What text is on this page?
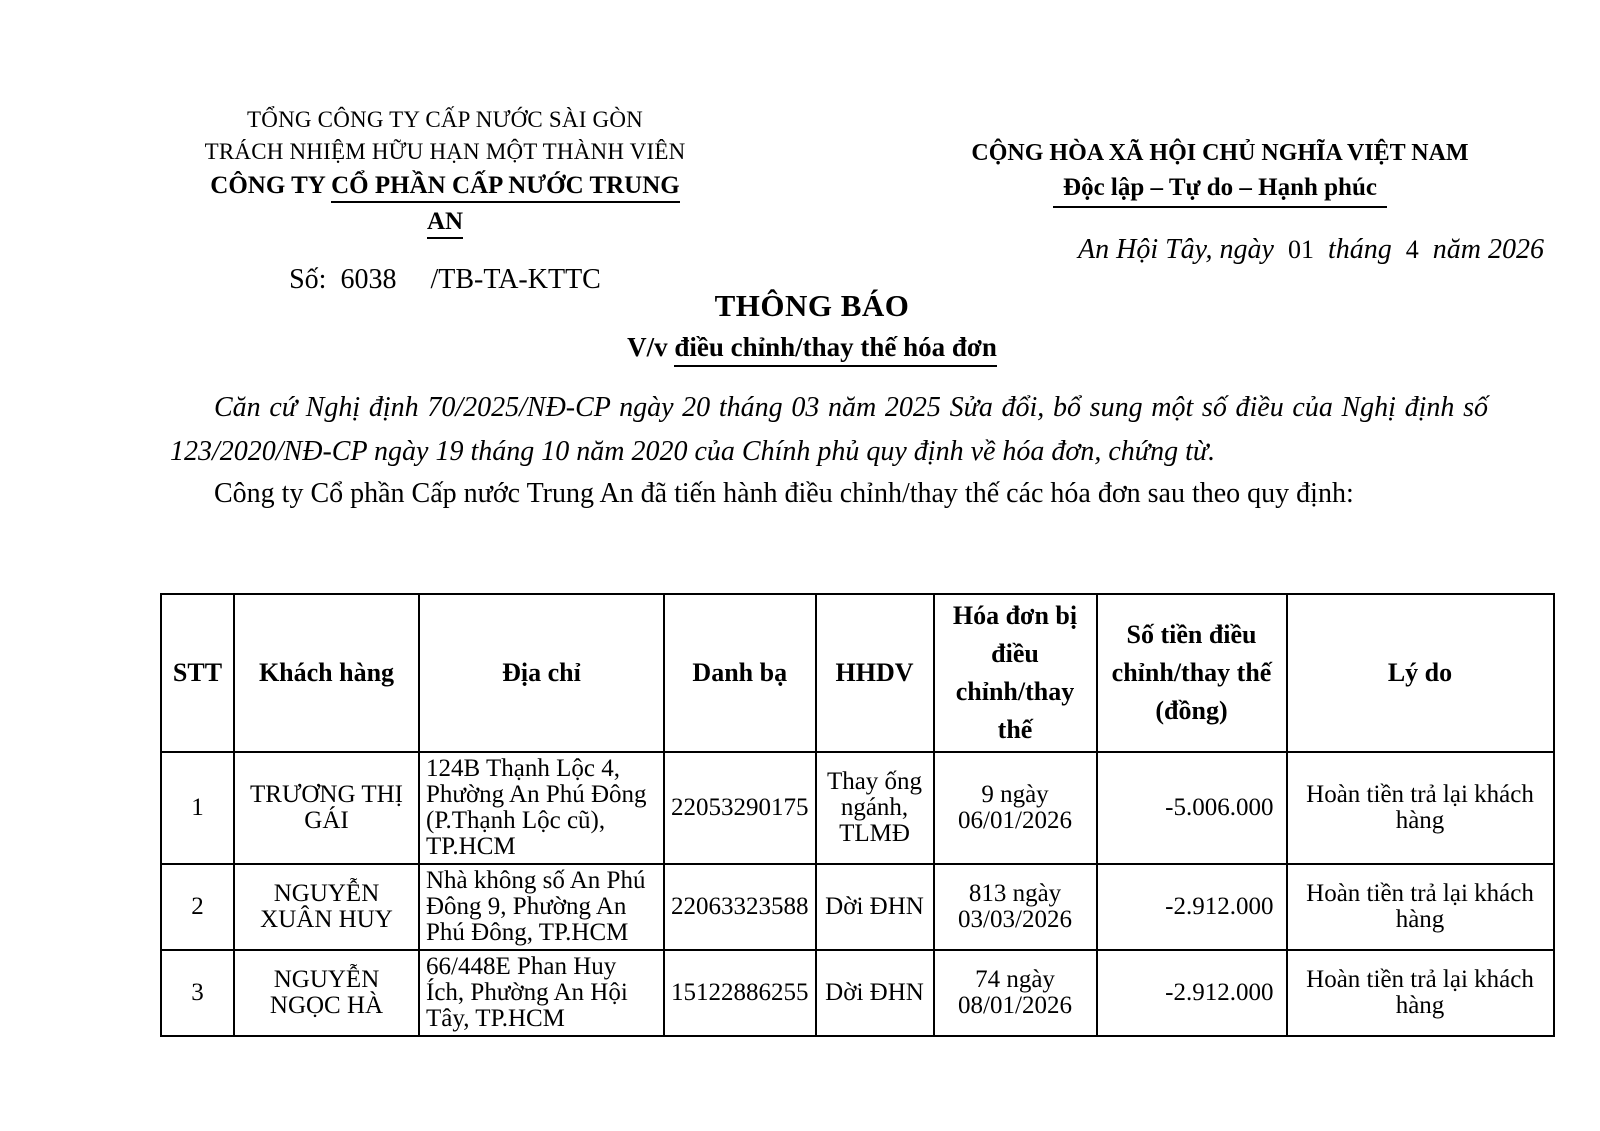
TỔNG CÔNG TY CẤP NƯỚC SÀI GÒN
TRÁCH NHIỆM HỮU HẠN MỘT THÀNH VIÊN
CÔNG TY CỔ PHẦN CẤP NƯỚC TRUNG AN
Số: 6038 /TB-TA-KTTC
CỘNG HÒA XÃ HỘI CHỦ NGHĨA VIỆT NAM
Độc lập – Tự do – Hạnh phúc
An Hội Tây, ngày 01 tháng 4 năm 2026
THÔNG BÁO
V/v điều chỉnh/thay thế hóa đơn

Căn cứ Nghị định 70/2025/NĐ-CP ngày 20 tháng 03 năm 2025 Sửa đổi, bổ sung một số điều của Nghị định số 123/2020/NĐ-CP ngày 19 tháng 10 năm 2020 của Chính phủ quy định về hóa đơn, chứng từ.

Công ty Cổ phần Cấp nước Trung An đã tiến hành điều chỉnh/thay thế các hóa đơn sau theo quy định:

STT	Khách hàng	Địa chỉ	Danh bạ	HHDV	Hóa đơn bị điều chỉnh/thay thế	Số tiền điều chỉnh/thay thế (đồng)	Lý do
1	TRƯƠNG THỊ GÁI	124B Thạnh Lộc 4, Phường An Phú Đông (P.Thạnh Lộc cũ), TP.HCM	22053290175	Thay ống ngánh, TLMĐ	9 ngày 06/01/2026	-5.006.000	Hoàn tiền trả lại khách hàng
2	NGUYỄN XUÂN HUY	Nhà không số An Phú Đông 9, Phường An Phú Đông, TP.HCM	22063323588	Dời ĐHN	813 ngày 03/03/2026	-2.912.000	Hoàn tiền trả lại khách hàng
3	NGUYỄN NGỌC HÀ	66/448E Phan Huy Ích, Phường An Hội Tây, TP.HCM	15122886255	Dời ĐHN	74 ngày 08/01/2026	-2.912.000	Hoàn tiền trả lại khách hàng
